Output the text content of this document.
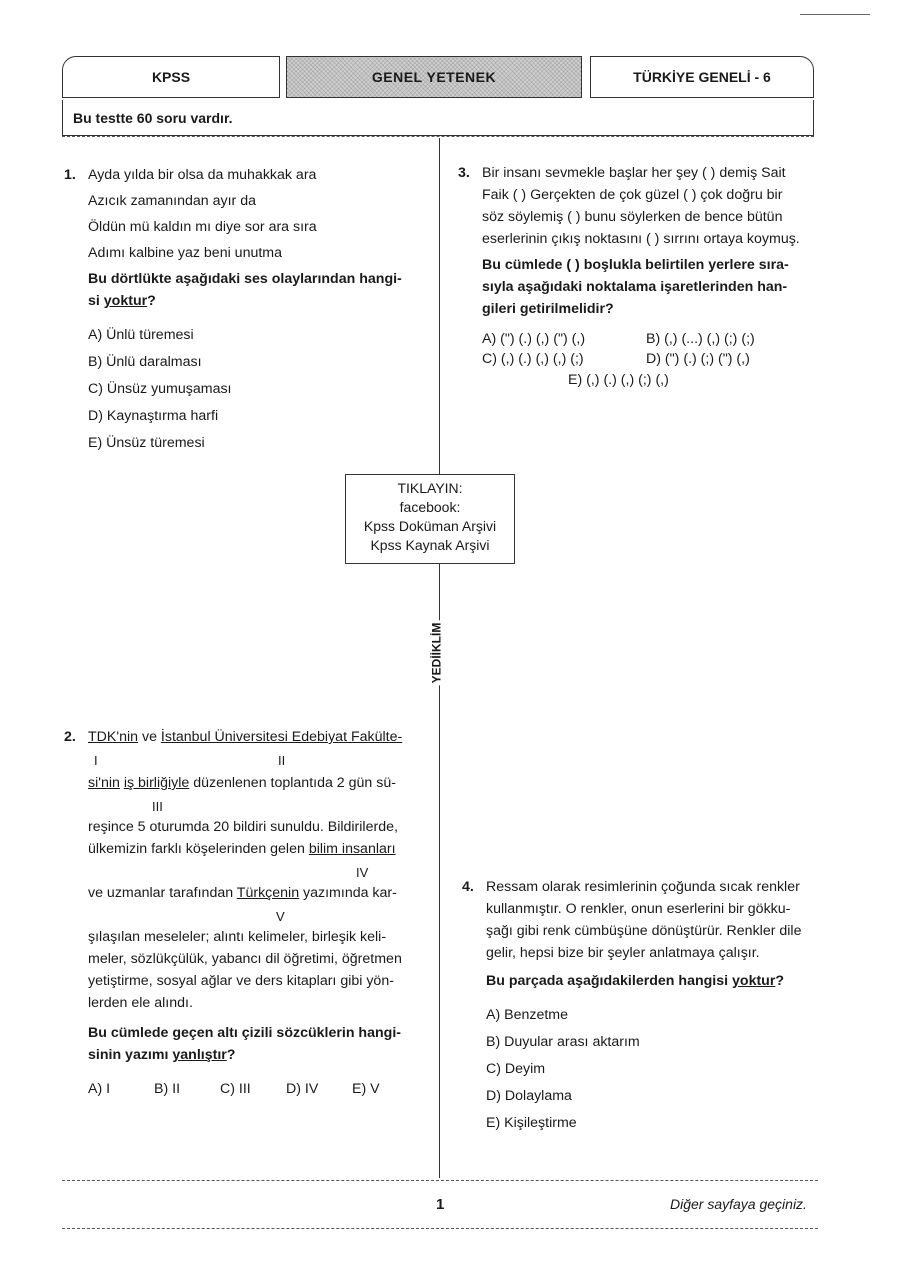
KPSS	GENEL YETENEK	TÜRKİYE GENELİ - 6
Bu testte 60 soru vardır.
1. Ayda yılda bir olsa da muhakkak ara
Azıcık zamanından ayır da
Öldün mü kaldın mı diye sor ara sıra
Adımı kalbine yaz beni unutma
Bu dörtlükte aşağıdaki ses olaylarından hangi-
si yoktur?
A) Ünlü türemesi
B) Ünlü daralması
C) Ünsüz yumuşaması
D) Kaynaştırma harfi
E) Ünsüz türemesi
3. Bir insanı sevmekle başlar her şey ( ) demiş Sait
Faik ( ) Gerçekten de çok güzel ( ) çok doğru bir
söz söylemiş ( ) bunu söylerken de bence bütün
eserlerinin çıkış noktasını ( ) sırrını ortaya koymuş.
Bu cümlede ( ) boşlukla belirtilen yerlere sıra-
sıyla aşağıdaki noktalama işaretlerinden han-
gileri getirilmelidir?
A) (") (.) (,) (") (,)	B) (,) (...) (,) (;) (;)
C) (,) (.) (,) (,) (;)	D) (") (.) (;) (") (,)
E) (,) (.) (,) (;) (,)
TIKLAYIN:
facebook:
Kpss Doküman Arşivi
Kpss Kaynak Arşivi
YEDİİKLİM
2. TDK'nin ve İstanbul Üniversitesi Edebiyat Fakülte-
I	II
si'nin iş birliğiyle düzenlenen toplantıda 2 gün sü-
III
reşince 5 oturumda 20 bildiri sunuldu. Bildirilerde,
ülkemizin farklı köşelerinden gelen bilim insanları
IV
ve uzmanlar tarafından Türkçenin yazımında kar-
V
şılaşılan meseleler; alıntı kelimeler, birleşik keli-
meler, sözlükçülük, yabancı dil öğretimi, öğretmen
yetiştirme, sosyal ağlar ve ders kitapları gibi yön-
lerden ele alındı.
Bu cümlede geçen altı çizili sözcüklerin hangi-
sinin yazımı yanlıştır?
A) I	B) II	C) III D) IV E) V
4. Ressam olarak resimlerinin çoğunda sıcak renkler
kullanmıştır. O renkler, onun eserlerini bir gökku-
şağı gibi renk cümbüşüne dönüştürür. Renkler dile
gelir, hepsi bize bir şeyler anlatmaya çalışır.
Bu parçada aşağıdakilerden hangisi yoktur?
A) Benzetme
B) Duyular arası aktarım
C) Deyim
D) Dolaylama
E) Kişileştirme
1	Diğer sayfaya geçiniz.
